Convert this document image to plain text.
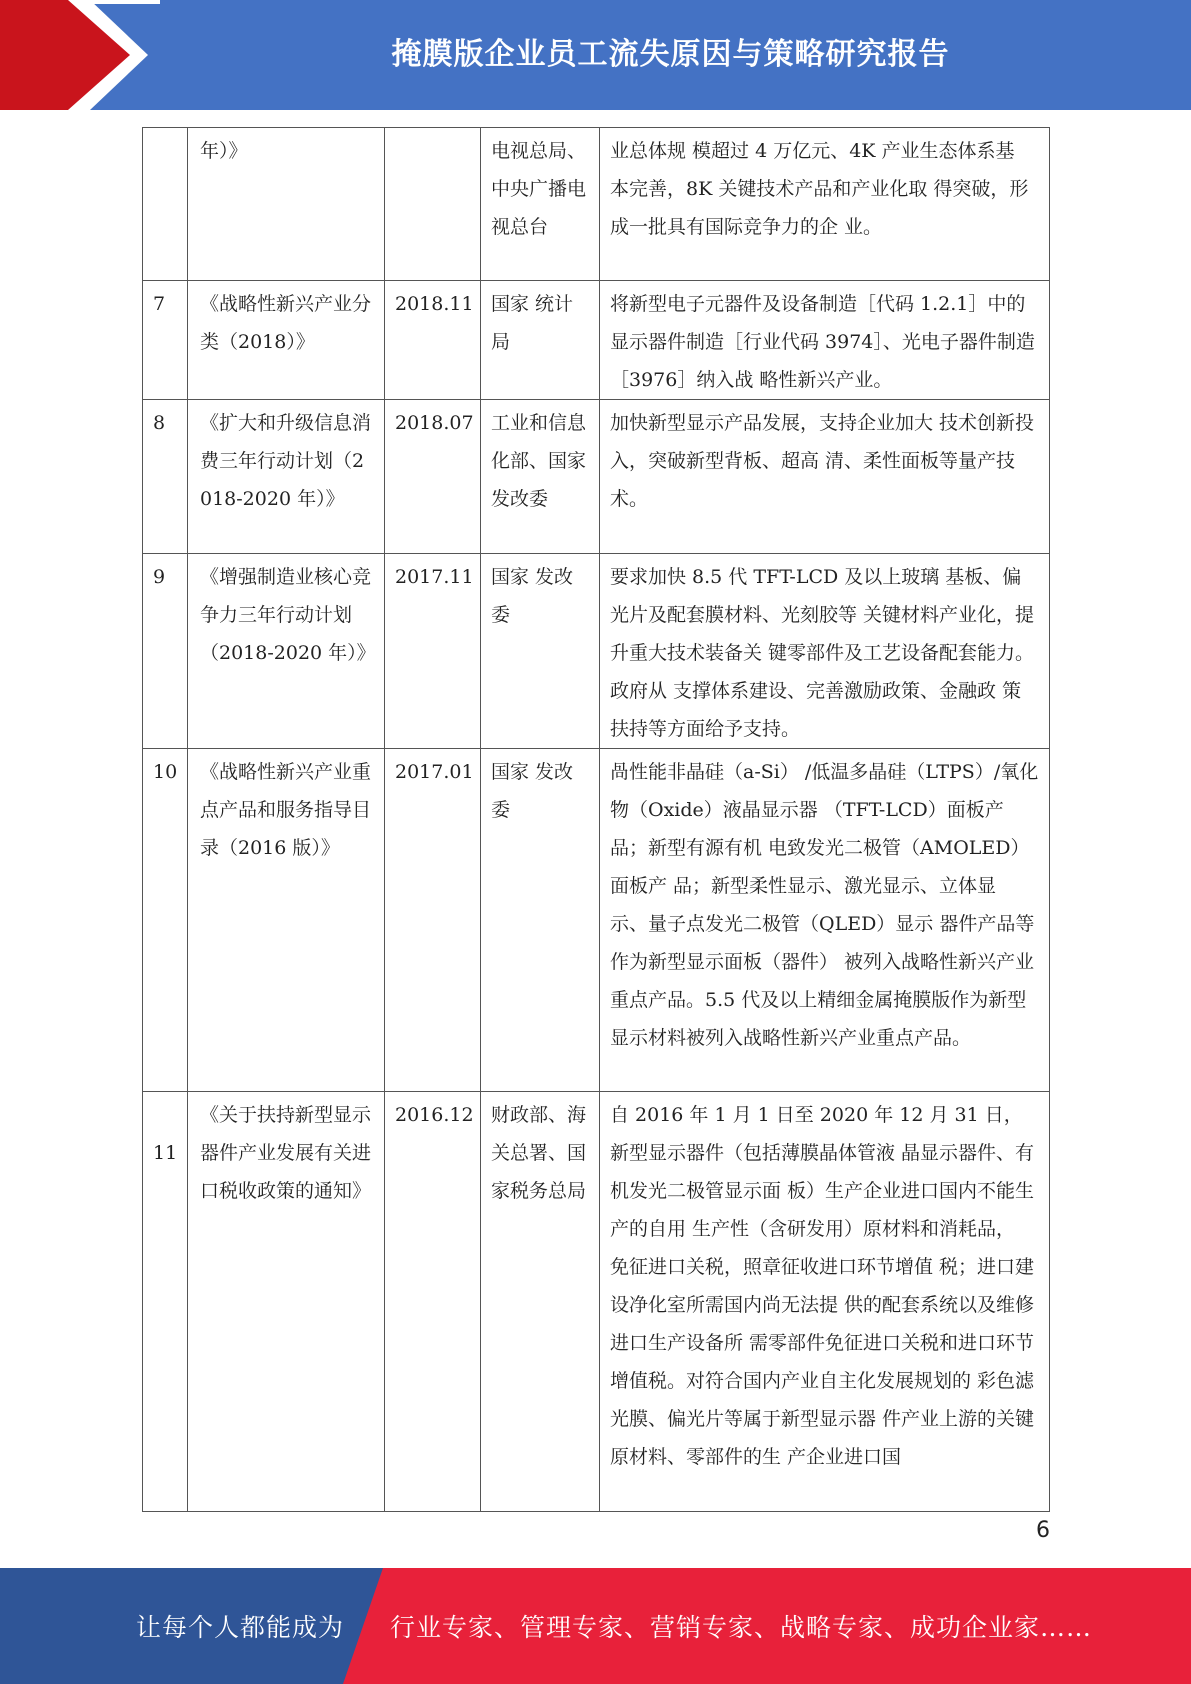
掩膜版企业员工流失原因与策略研究报告
	年）》		电视总局、中央广播电视总台	业总体规 模超过 4 万亿元、4K 产业生态体系基 本完善，8K 关键技术产品和产业化取 得突破，形成一批具有国际竞争力的企 业。
7	《战略性新兴产业分类（2018）》	2018.11	国家 统计局	将新型电子元器件及设备制造［代码 1.2.1］中的显示器件制造［行业代码 3974］、光电子器件制造［3976］纳入战 略性新兴产业。
8	《扩大和升级信息消费三年行动计划（2018-2020 年）》	2018.07	工业和信息化部、国家发改委	加快新型显示产品发展，支持企业加大 技术创新投入，突破新型背板、超高 清、柔性面板等量产技术。
9	《增强制造业核心竞争力三年行动计划（2018-2020 年）》	2017.11	国家 发改委	要求加快 8.5 代 TFT-LCD 及以上玻璃 基板、偏光片及配套膜材料、光刻胶等 关键材料产业化，提升重大技术装备关 键零部件及工艺设备配套能力。政府从 支撑体系建设、完善激励政策、金融政 策扶持等方面给予支持。
10	《战略性新兴产业重点产品和服务指导目录（2016 版）》	2017.01	国家 发改委	咼性能非晶硅（a-Si） /低温多晶硅（LTPS）/氧化物（Oxide）液晶显示器 （TFT-LCD）面板产品；新型有源有机 电致发光二极管（AMOLED）面板产 品；新型柔性显示、激光显示、立体显 示、量子点发光二极管（QLED）显示 器件产品等作为新型显示面板（器件） 被列入战略性新兴产业重点产品。5.5 代及以上精细金属掩膜版作为新型显示材料被列入战略性新兴产业重点产品。
11	《关于扶持新型显示器件产业发展有关进口税收政策的通知》	2016.12	财政部、海关总署、国家税务总局	自 2016 年 1 月 1 日至 2020 年 12 月 31 日，新型显示器件（包括薄膜晶体管液 晶显示器件、有机发光二极管显示面 板）生产企业进口国内不能生产的自用 生产性（含研发用）原材料和消耗品， 免征进口关税，照章征收进口环节增值 税；进口建设净化室所需国内尚无法提 供的配套系统以及维修进口生产设备所 需零部件免征进口关税和进口环节增值税。对符合国内产业自主化发展规划的 彩色滤光膜、偏光片等属于新型显示器 件产业上游的关键原材料、零部件的生 产企业进口国
6
让每个人都能成为	行业专家、管理专家、营销专家、战略专家、成功企业家……
